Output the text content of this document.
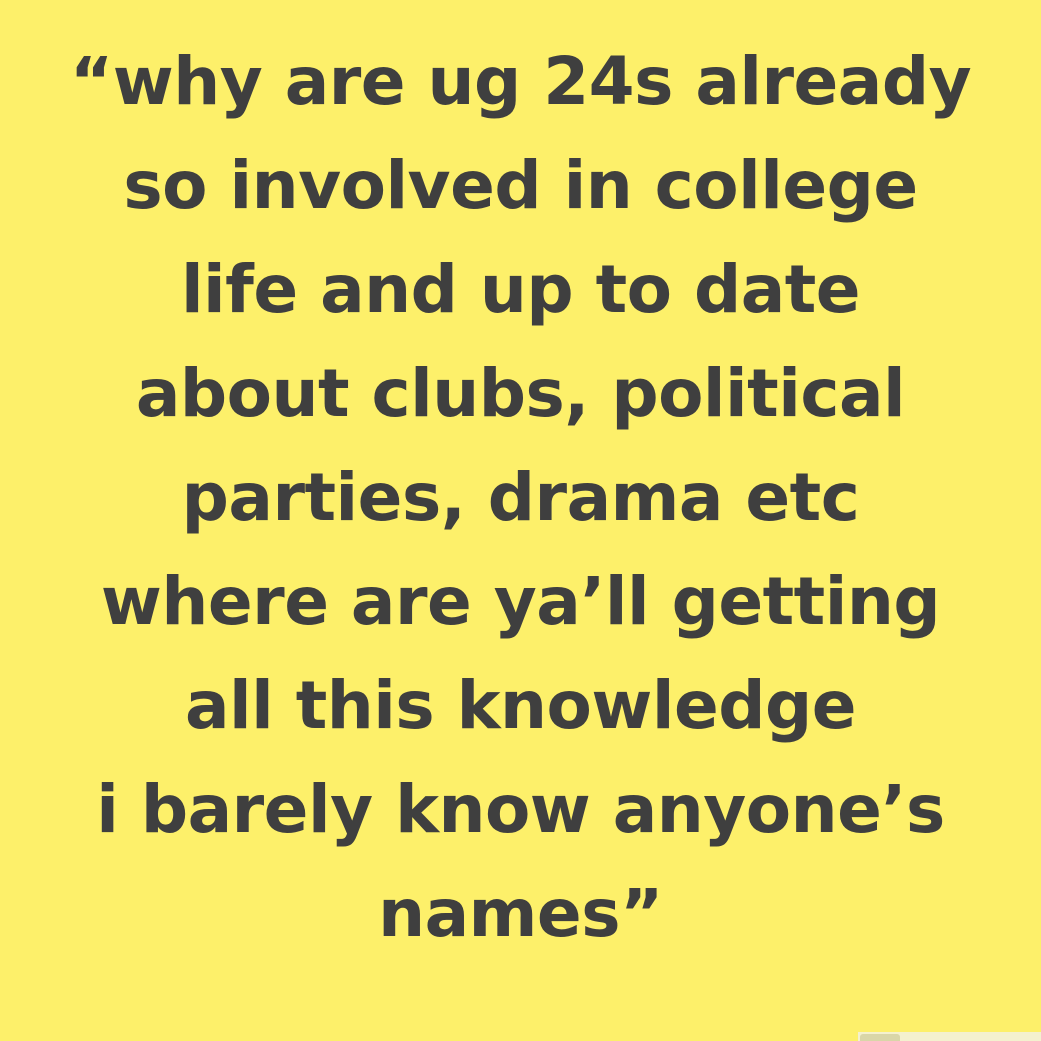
“why are ug 24s already
so involved in college
life and up to date
about clubs, political
parties, drama etc
where are ya’ll getting
all this knowledge
i barely know anyone’s
names”
